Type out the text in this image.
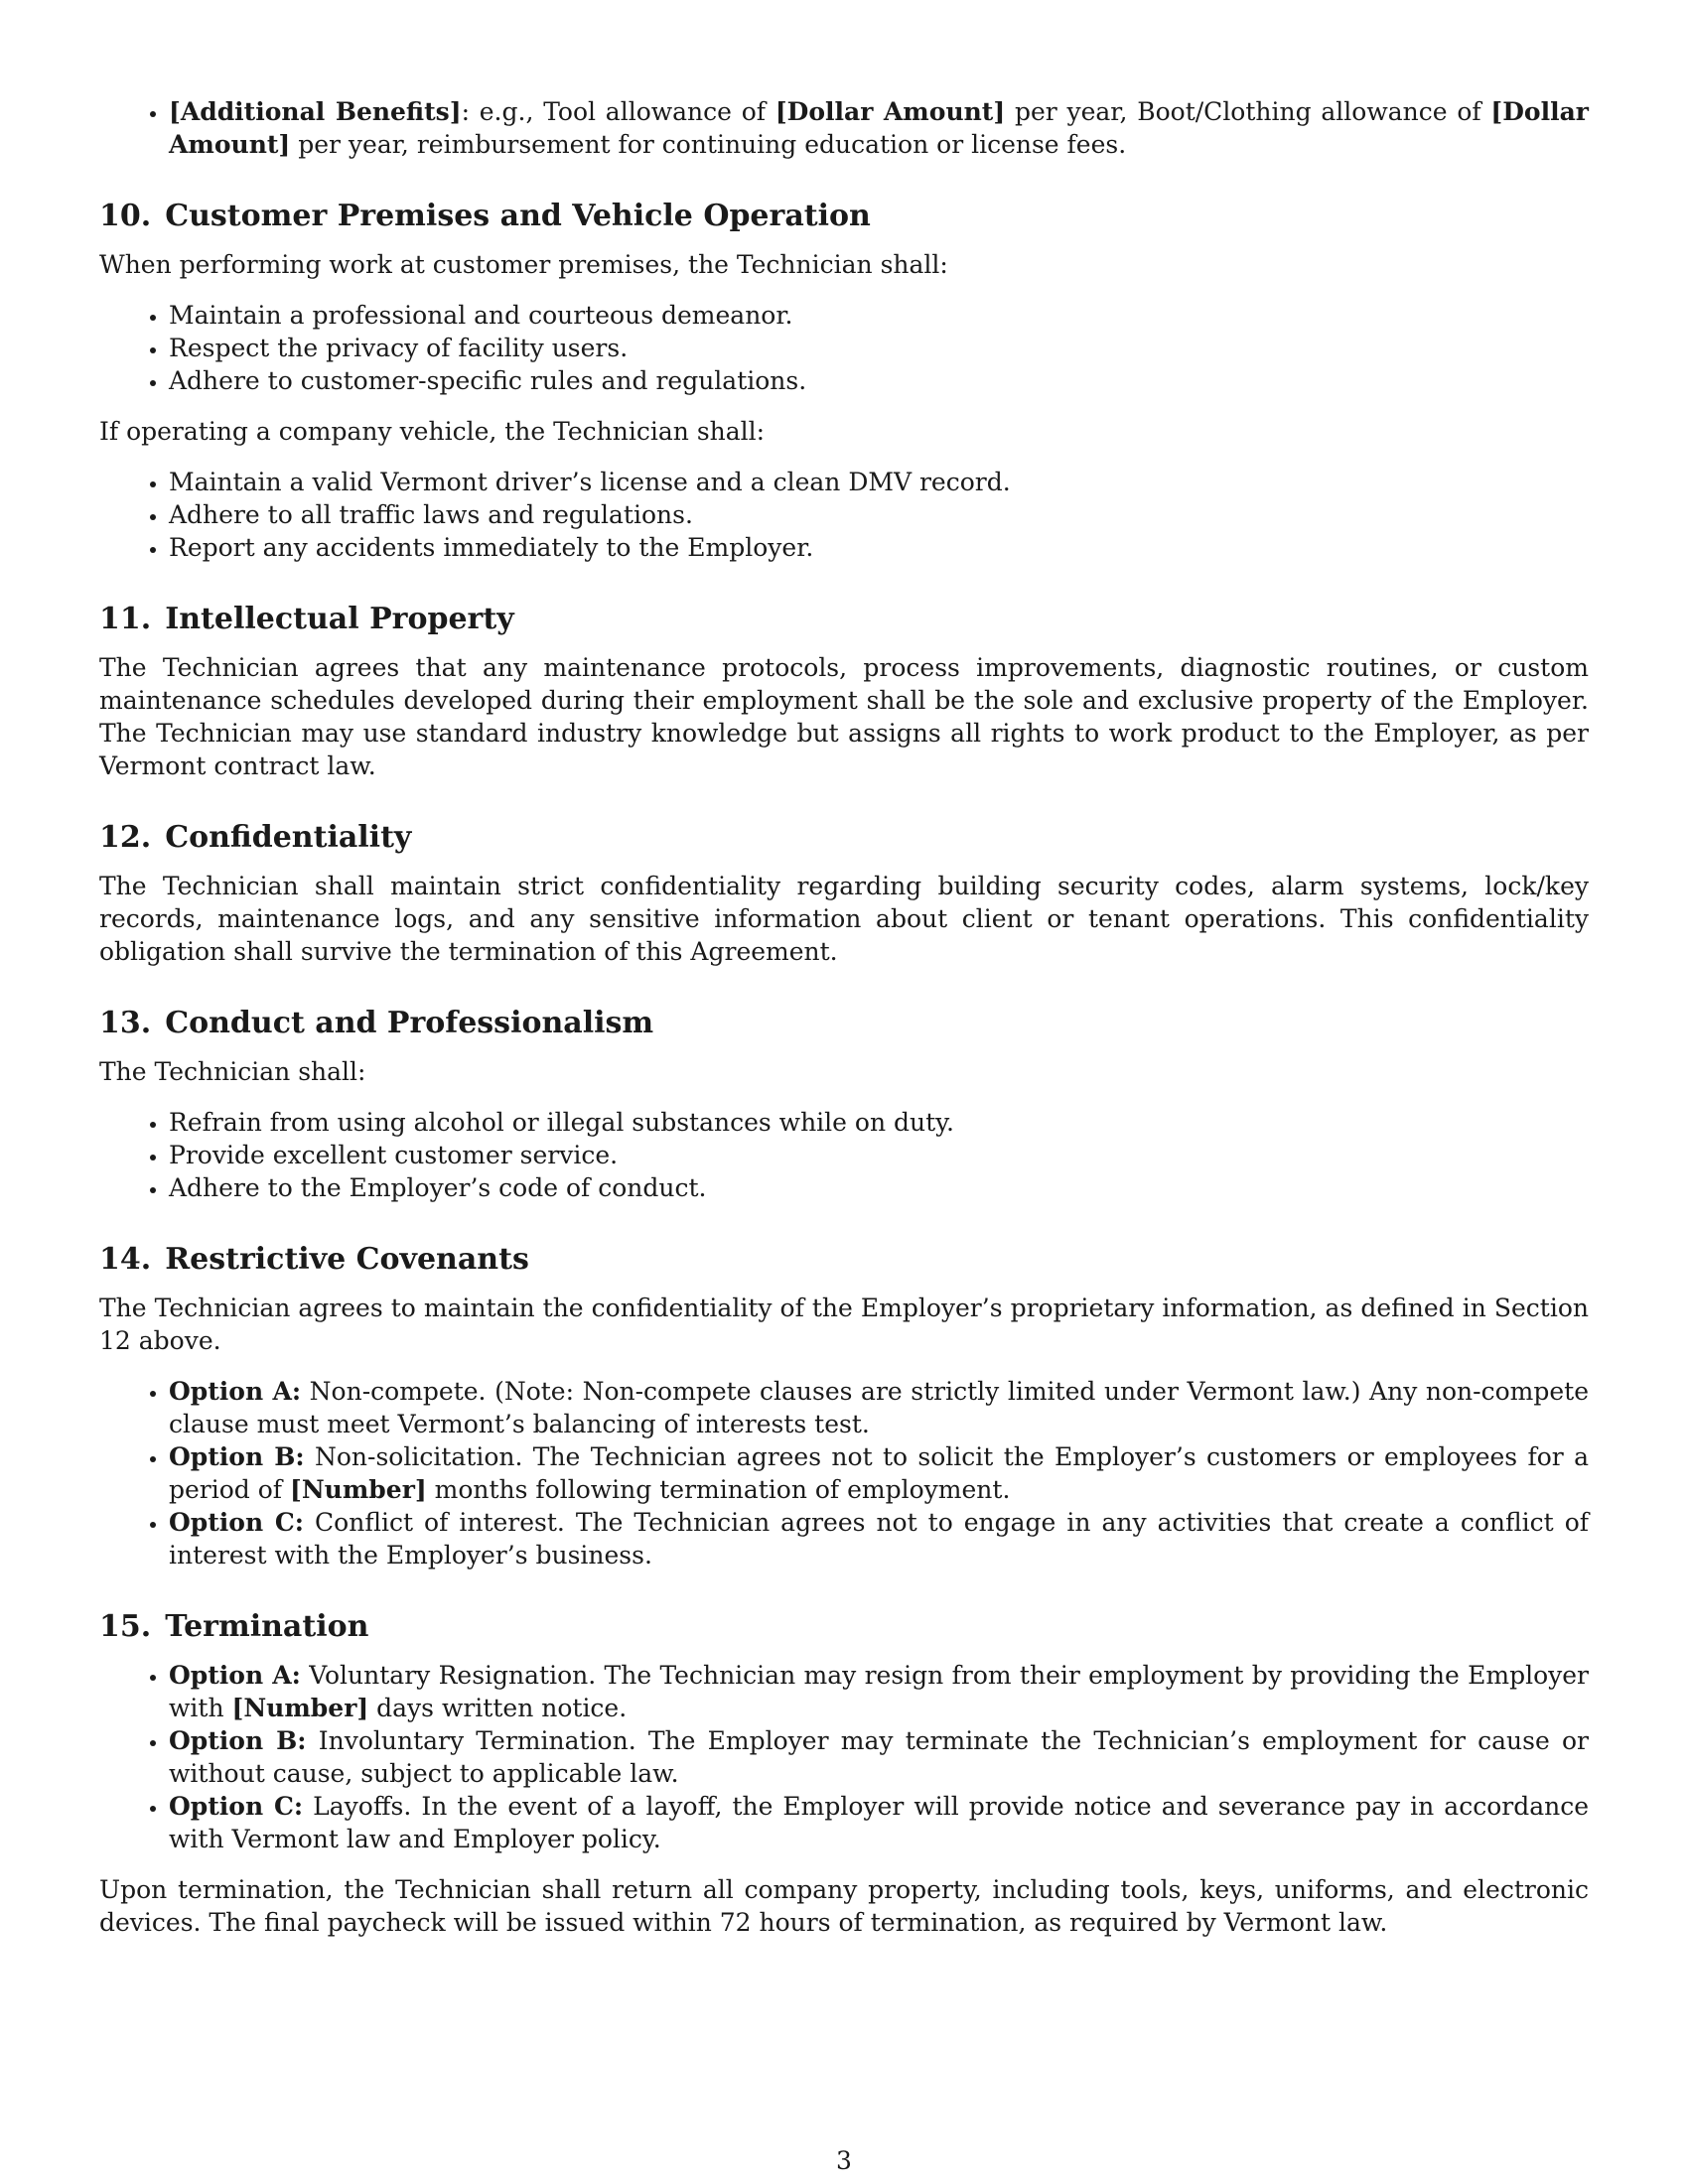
• [Additional Benefits]: e.g., Tool allowance of [Dollar Amount] per year, Boot/Clothing allowance of [Dollar Amount] per year, reimbursement for continuing education or license fees.
10. Customer Premises and Vehicle Operation

When performing work at customer premises, the Technician shall:

• Maintain a professional and courteous demeanor.
• Respect the privacy of facility users.
• Adhere to customer-specific rules and regulations.

If operating a company vehicle, the Technician shall:

• Maintain a valid Vermont driver’s license and a clean DMV record.
• Adhere to all traffic laws and regulations.
• Report any accidents immediately to the Employer.
11. Intellectual Property

The Technician agrees that any maintenance protocols, process improvements, diagnostic routines, or custom maintenance schedules developed during their employment shall be the sole and exclusive property of the Employer. The Technician may use standard industry knowledge but assigns all rights to work product to the Employer, as per Vermont contract law.

12. Confidentiality

The Technician shall maintain strict confidentiality regarding building security codes, alarm systems, lock/key records, maintenance logs, and any sensitive information about client or tenant operations. This confidentiality obligation shall survive the termination of this Agreement.

13. Conduct and Professionalism

The Technician shall:

• Refrain from using alcohol or illegal substances while on duty.
• Provide excellent customer service.
• Adhere to the Employer’s code of conduct.
14. Restrictive Covenants

The Technician agrees to maintain the confidentiality of the Employer’s proprietary information, as defined in Section 12 above.

• Option A: Non-compete. (Note: Non-compete clauses are strictly limited under Vermont law.) Any non-compete clause must meet Vermont’s balancing of interests test.
• Option B: Non-solicitation. The Technician agrees not to solicit the Employer’s customers or employees for a period of [Number] months following termination of employment.
• Option C: Conflict of interest. The Technician agrees not to engage in any activities that create a conflict of interest with the Employer’s business.
15. Termination
• Option A: Voluntary Resignation. The Technician may resign from their employment by providing the Employer with [Number] days written notice.
• Option B: Involuntary Termination. The Employer may terminate the Technician’s employment for cause or without cause, subject to applicable law.
• Option C: Layoffs. In the event of a layoff, the Employer will provide notice and severance pay in accordance with Vermont law and Employer policy.

Upon termination, the Technician shall return all company property, including tools, keys, uniforms, and electronic devices. The final paycheck will be issued within 72 hours of termination, as required by Vermont law.

3
